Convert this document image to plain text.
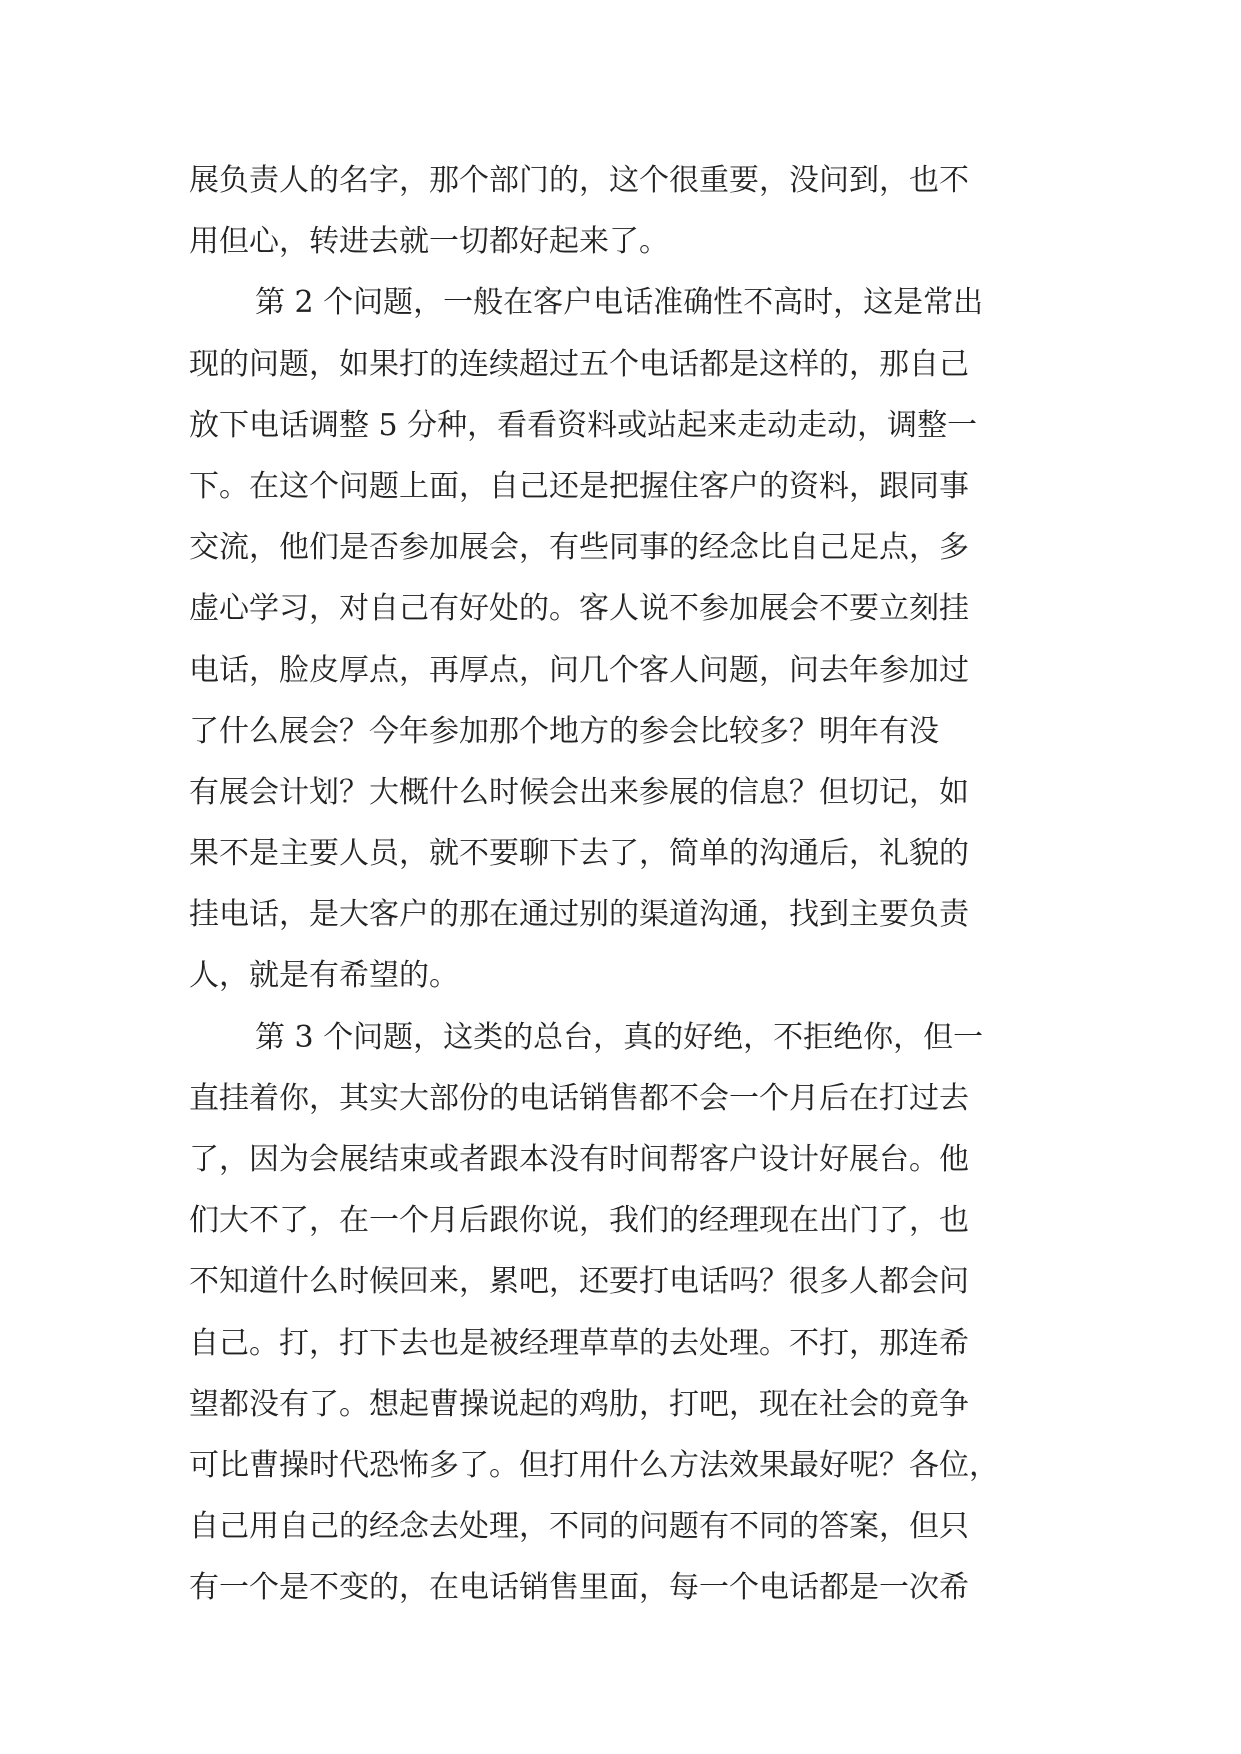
展负责人的名字，那个部门的，这个很重要，没问到，也不
用但心，转进去就一切都好起来了。
第 2 个问题，一般在客户电话准确性不高时，这是常出
现的问题，如果打的连续超过五个电话都是这样的，那自己
放下电话调整 5 分种，看看资料或站起来走动走动，调整一
下。在这个问题上面，自己还是把握住客户的资料，跟同事
交流，他们是否参加展会，有些同事的经念比自己足点，多
虚心学习，对自己有好处的。客人说不参加展会不要立刻挂
电话，脸皮厚点，再厚点，问几个客人问题，问去年参加过
了什么展会？今年参加那个地方的参会比较多？明年有没
有展会计划？大概什么时候会出来参展的信息？但切记，如
果不是主要人员，就不要聊下去了，简单的沟通后，礼貌的
挂电话，是大客户的那在通过别的渠道沟通，找到主要负责
人，就是有希望的。
第 3 个问题，这类的总台，真的好绝，不拒绝你，但一
直挂着你，其实大部份的电话销售都不会一个月后在打过去
了，因为会展结束或者跟本没有时间帮客户设计好展台。他
们大不了，在一个月后跟你说，我们的经理现在出门了，也
不知道什么时候回来，累吧，还要打电话吗？很多人都会问
自己。打，打下去也是被经理草草的去处理。不打，那连希
望都没有了。想起曹操说起的鸡肋，打吧，现在社会的竟争
可比曹操时代恐怖多了。但打用什么方法效果最好呢？各位，
自己用自己的经念去处理，不同的问题有不同的答案，但只
有一个是不变的，在电话销售里面，每一个电话都是一次希
